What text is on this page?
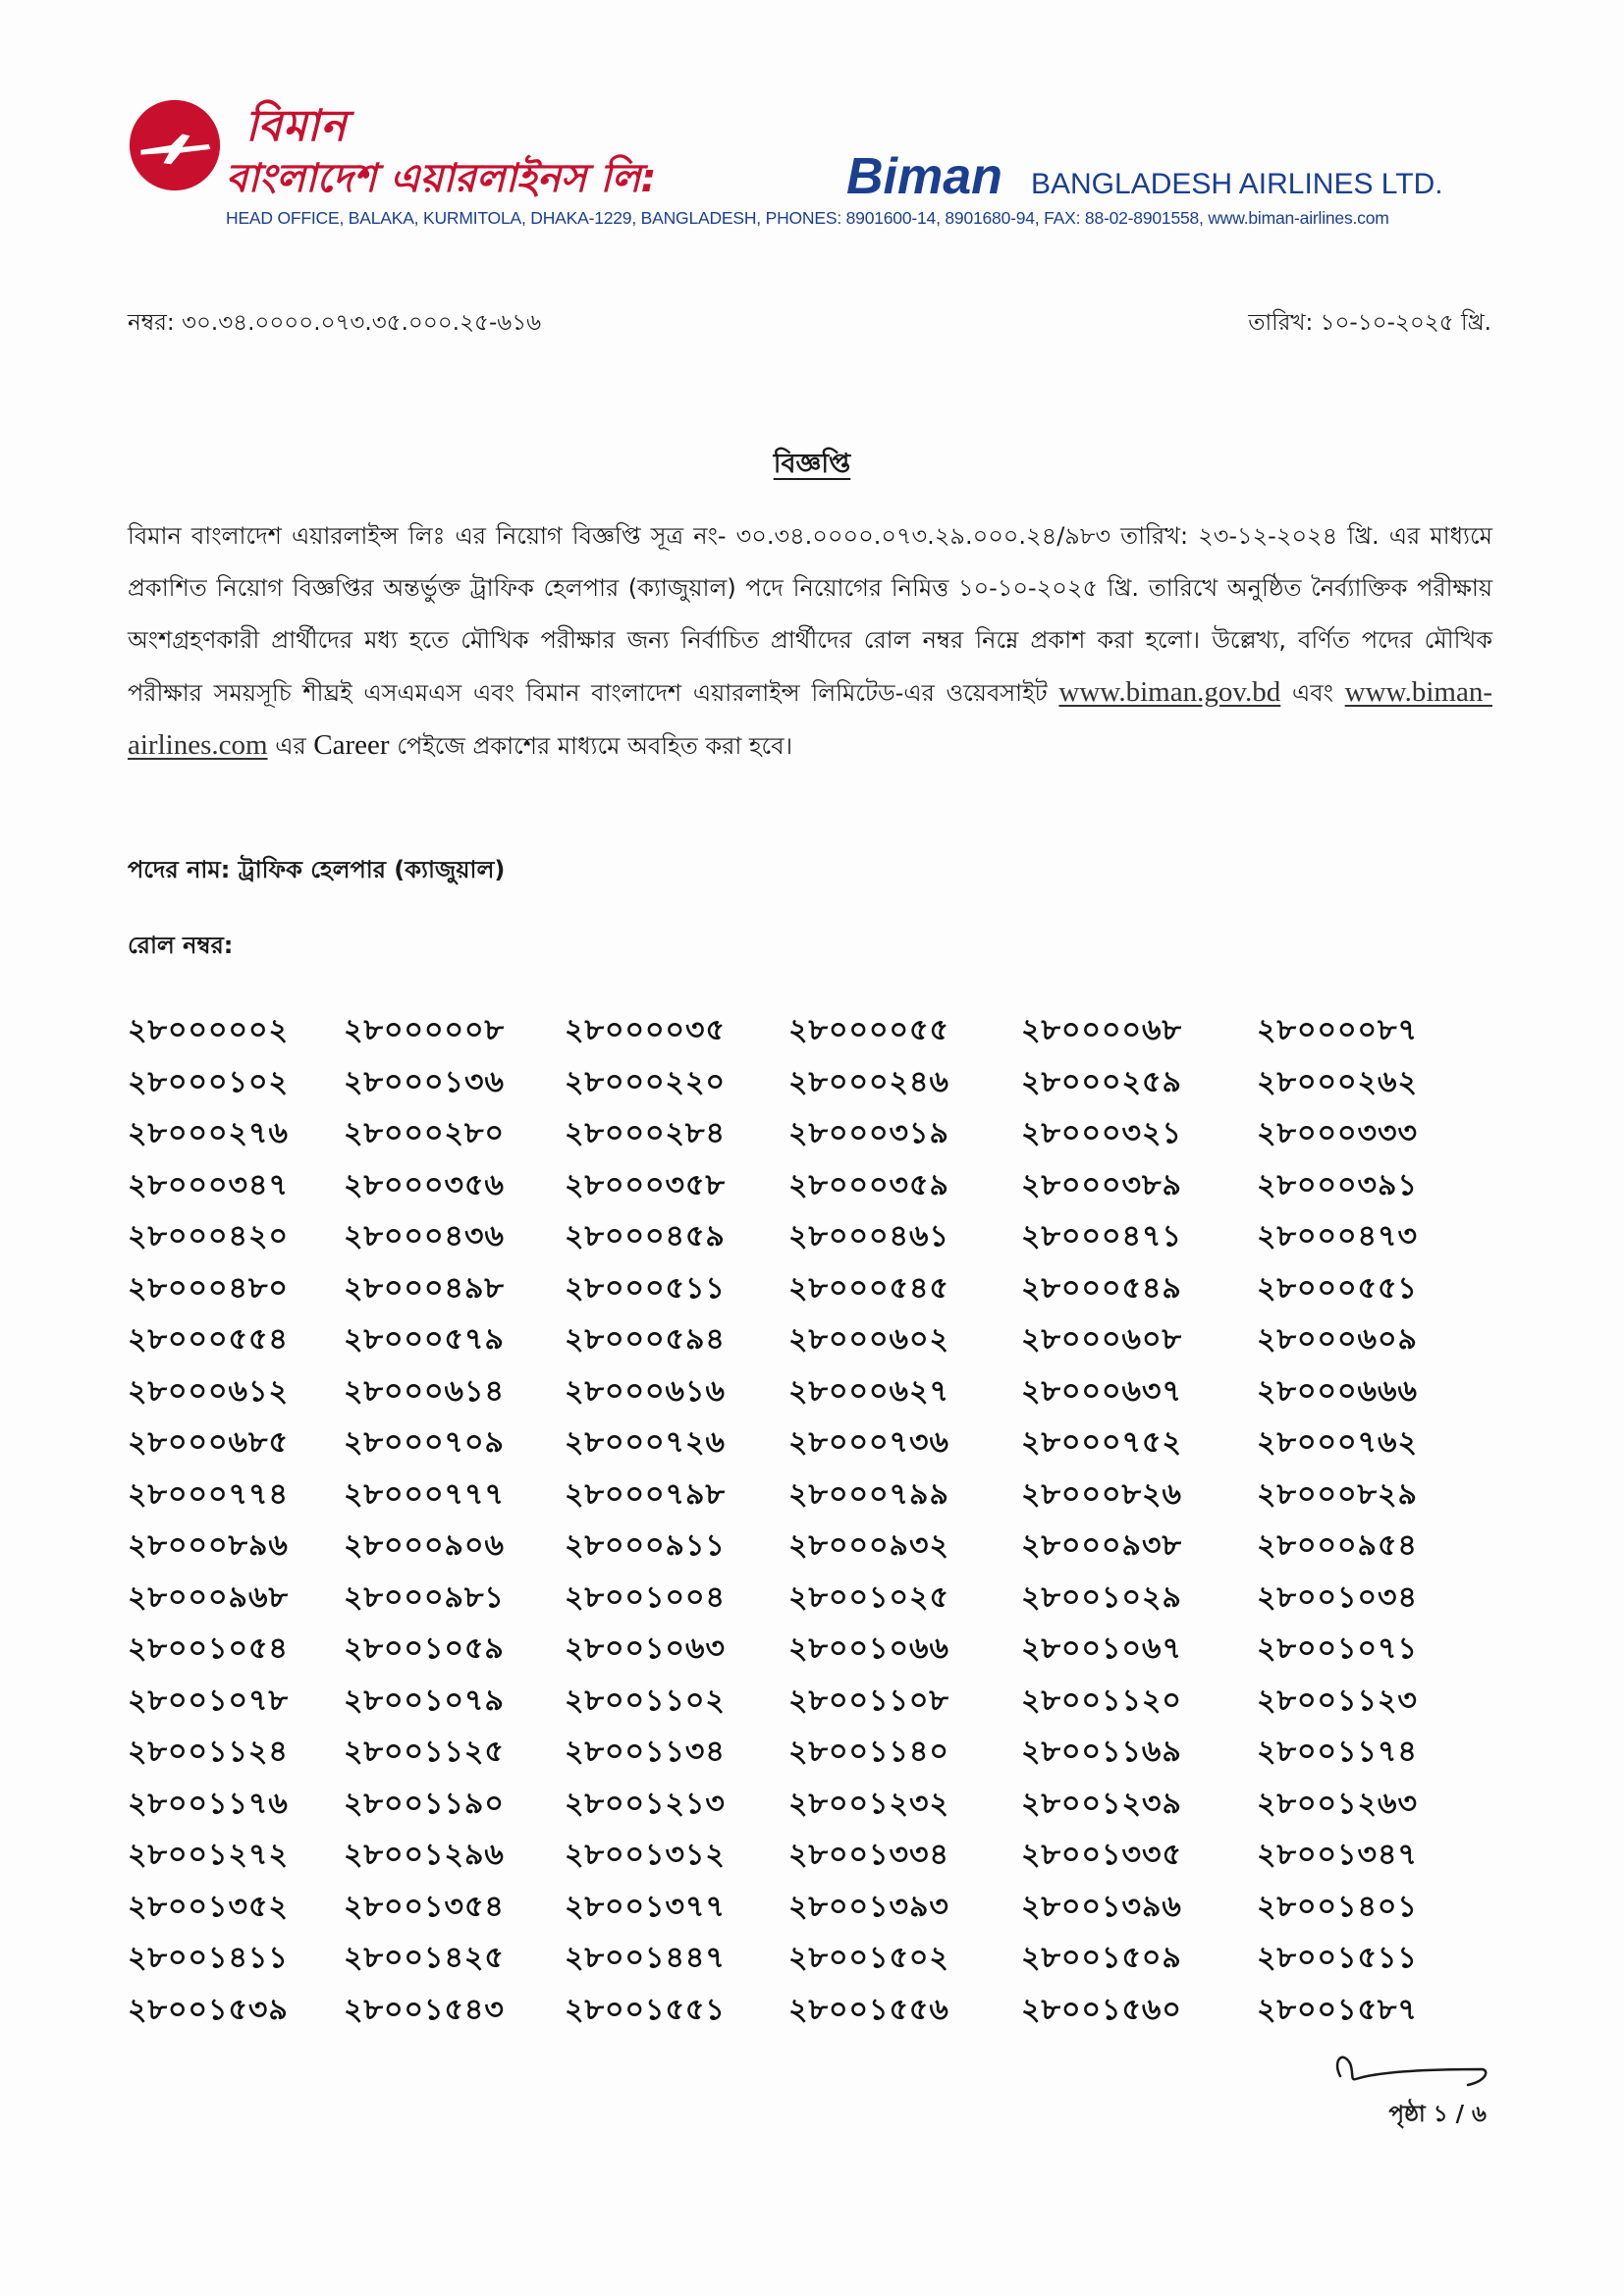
বিমান
বাংলাদেশ এয়ারলাইনস লি:	Biman BANGLADESH AIRLINES LTD.
HEAD OFFICE, BALAKA, KURMITOLA, DHAKA-1229, BANGLADESH, PHONES: 8901600-14, 8901680-94, FAX: 88-02-8901558, www.biman-airlines.com
নম্বর: ৩০.৩৪.০০০০.০৭৩.৩৫.০০০.২৫-৬১৬	তারিখ: ১০-১০-২০২৫ খ্রি.
বিজ্ঞপ্তি
বিমান বাংলাদেশ এয়ারলাইন্স লিঃ এর নিয়োগ বিজ্ঞপ্তি সূত্র নং- ৩০.৩৪.০০০০.০৭৩.২৯.০০০.২৪/৯৮৩ তারিখ: ২৩-১২-২০২৪ খ্রি. এর মাধ্যমে প্রকাশিত নিয়োগ বিজ্ঞপ্তির অন্তর্ভুক্ত ট্রাফিক হেলপার (ক্যাজুয়াল) পদে নিয়োগের নিমিত্ত ১০-১০-২০২৫ খ্রি. তারিখে অনুষ্ঠিত নৈর্ব্যাক্তিক পরীক্ষায় অংশগ্রহণকারী প্রার্থীদের মধ্য হতে মৌখিক পরীক্ষার জন্য নির্বাচিত প্রার্থীদের রোল নম্বর নিম্নে প্রকাশ করা হলো। উল্লেখ্য, বর্ণিত পদের মৌখিক পরীক্ষার সময়সূচি শীঘ্রই এসএমএস এবং বিমান বাংলাদেশ এয়ারলাইন্স লিমিটেড-এর ওয়েবসাইট www.biman.gov.bd এবং www.biman-airlines.com এর Career পেইজে প্রকাশের মাধ্যমে অবহিত করা হবে।
পদের নাম: ট্রাফিক হেলপার (ক্যাজুয়াল)
রোল নম্বর:
২৮০০০০০২ ২৮০০০০০৮ ২৮০০০০৩৫ ২৮০০০০৫৫ ২৮০০০০৬৮	২৮০০০০৮৭
২৮০০০১০২ ২৮০০০১৩৬ ২৮০০০২২০ ২৮০০০২৪৬ ২৮০০০২৫৯	২৮০০০২৬২
২৮০০০২৭৬ ২৮০০০২৮০ ২৮০০০২৮৪ ২৮০০০৩১৯ ২৮০০০৩২১	২৮০০০৩৩৩
২৮০০০৩৪৭ ২৮০০০৩৫৬ ২৮০০০৩৫৮ ২৮০০০৩৫৯ ২৮০০০৩৮৯	২৮০০০৩৯১
২৮০০০৪২০ ২৮০০০৪৩৬ ২৮০০০৪৫৯ ২৮০০০৪৬১ ২৮০০০৪৭১	২৮০০০৪৭৩
২৮০০০৪৮০ ২৮০০০৪৯৮ ২৮০০০৫১১ ২৮০০০৫৪৫ ২৮০০০৫৪৯	২৮০০০৫৫১
২৮০০০৫৫৪ ২৮০০০৫৭৯ ২৮০০০৫৯৪ ২৮০০০৬০২ ২৮০০০৬০৮	২৮০০০৬০৯
২৮০০০৬১২ ২৮০০০৬১৪ ২৮০০০৬১৬ ২৮০০০৬২৭ ২৮০০০৬৩৭	২৮০০০৬৬৬
২৮০০০৬৮৫ ২৮০০০৭০৯ ২৮০০০৭২৬ ২৮০০০৭৩৬ ২৮০০০৭৫২	২৮০০০৭৬২
২৮০০০৭৭৪ ২৮০০০৭৭৭ ২৮০০০৭৯৮ ২৮০০০৭৯৯ ২৮০০০৮২৬	২৮০০০৮২৯
২৮০০০৮৯৬ ২৮০০০৯০৬ ২৮০০০৯১১ ২৮০০০৯৩২ ২৮০০০৯৩৮	২৮০০০৯৫৪
২৮০০০৯৬৮ ২৮০০০৯৮১ ২৮০০১০০৪ ২৮০০১০২৫ ২৮০০১০২৯	২৮০০১০৩৪
২৮০০১০৫৪ ২৮০০১০৫৯ ২৮০০১০৬৩ ২৮০০১০৬৬ ২৮০০১০৬৭	২৮০০১০৭১
২৮০০১০৭৮ ২৮০০১০৭৯ ২৮০০১১০২ ২৮০০১১০৮ ২৮০০১১২০	২৮০০১১২৩
২৮০০১১২৪ ২৮০০১১২৫ ২৮০০১১৩৪ ২৮০০১১৪০ ২৮০০১১৬৯	২৮০০১১৭৪
২৮০০১১৭৬ ২৮০০১১৯০ ২৮০০১২১৩ ২৮০০১২৩২ ২৮০০১২৩৯	২৮০০১২৬৩
২৮০০১২৭২ ২৮০০১২৯৬ ২৮০০১৩১২ ২৮০০১৩৩৪ ২৮০০১৩৩৫	২৮০০১৩৪৭
২৮০০১৩৫২ ২৮০০১৩৫৪ ২৮০০১৩৭৭ ২৮০০১৩৯৩ ২৮০০১৩৯৬	২৮০০১৪০১
২৮০০১৪১১ ২৮০০১৪২৫ ২৮০০১৪৪৭ ২৮০০১৫০২ ২৮০০১৫০৯	২৮০০১৫১১
২৮০০১৫৩৯ ২৮০০১৫৪৩ ২৮০০১৫৫১ ২৮০০১৫৫৬ ২৮০০১৫৬০	২৮০০১৫৮৭
পৃষ্ঠা ১ / ৬
